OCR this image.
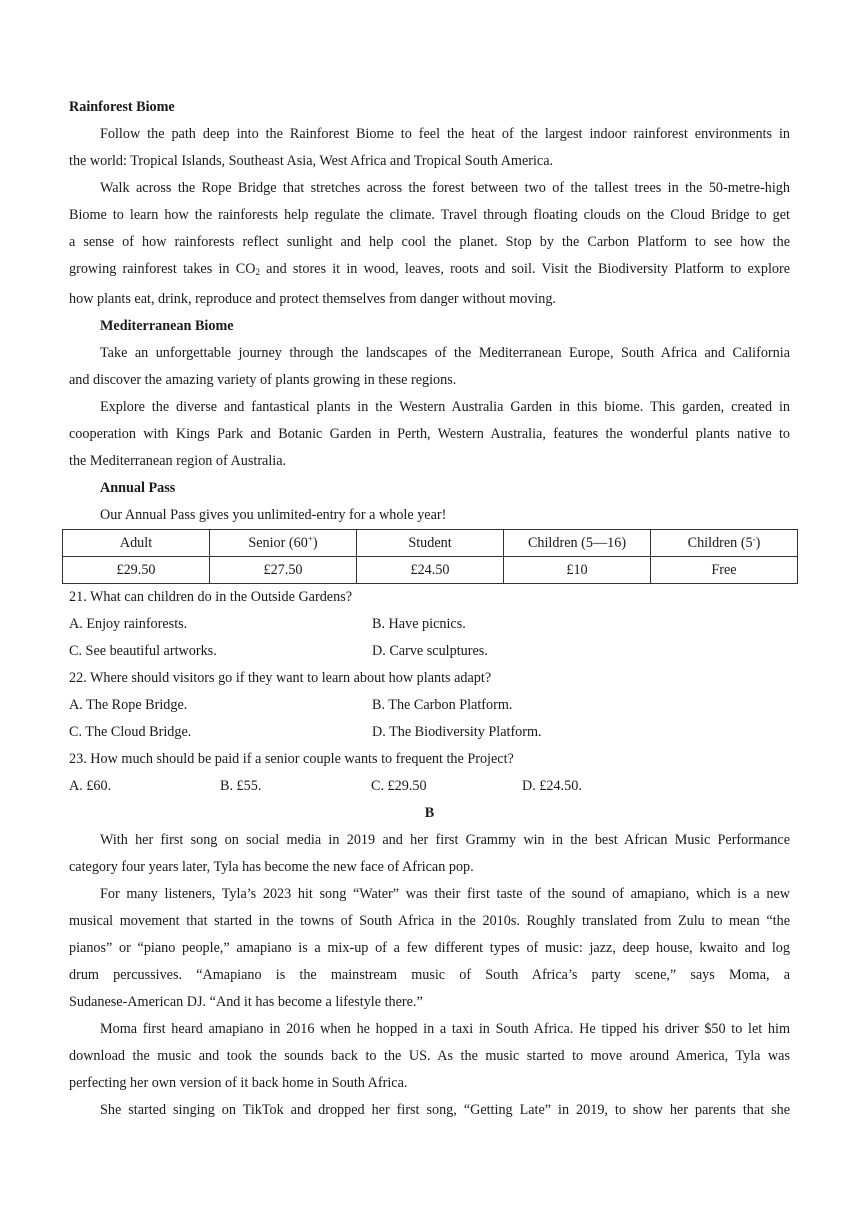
Rainforest Biome

Follow the path deep into the Rainforest Biome to feel the heat of the largest indoor rainforest environments in

the world: Tropical Islands, Southeast Asia, West Africa and Tropical South America.

Walk across the Rope Bridge that stretches across the forest between two of the tallest trees in the 50-metre-high

Biome to learn how the rainforests help regulate the climate. Travel through floating clouds on the Cloud Bridge to get

a sense of how rainforests reflect sunlight and help cool the planet. Stop by the Carbon Platform to see how the

growing rainforest takes in $CO_2$ and stores it in wood, leaves, roots and soil. Visit the Biodiversity Platform to explore

how plants eat, drink, reproduce and protect themselves from danger without moving.

Mediterranean Biome

Take an unforgettable journey through the landscapes of the Mediterranean Europe, South Africa and California

and discover the amazing variety of plants growing in these regions.

Explore the diverse and fantastical plants in the Western Australia Garden in this biome. This garden, created in

cooperation with Kings Park and Botanic Garden in Perth, Western Australia, features the wonderful plants native to

the Mediterranean region of Australia.

Annual Pass

Our Annual Pass gives you unlimited-entry for a whole year!

Adult	Senior (60+)	Student	Children (5—16)	Children (5-)
£29.50	£27.50	£24.50	£10	Free

21. What can children do in the Outside Gardens?

A. Enjoy rainforests.	B. Have picnics.
C. See beautiful artworks.	D. Carve sculptures.

22. Where should visitors go if they want to learn about how plants adapt?

A. The Rope Bridge.	B. The Carbon Platform.
C. The Cloud Bridge.	D. The Biodiversity Platform.

23. How much should be paid if a senior couple wants to frequent the Project?

A. £60.	B. £55.	C. £29.50	D. £24.50.

B

With her first song on social media in 2019 and her first Grammy win in the best African Music Performance

category four years later, Tyla has become the new face of African pop.

For many listeners, Tyla’s 2023 hit song “Water” was their first taste of the sound of amapiano, which is a new

musical movement that started in the towns of South Africa in the 2010s. Roughly translated from Zulu to mean “the

pianos” or “piano people,” amapiano is a mix-up of a few different types of music: jazz, deep house, kwaito and log

drum percussives. “Amapiano is the mainstream music of South Africa’s party scene,” says Moma, a

Sudanese-American DJ. “And it has become a lifestyle there.”

Moma first heard amapiano in 2016 when he hopped in a taxi in South Africa. He tipped his driver $50 to let him

download the music and took the sounds back to the US. As the music started to move around America, Tyla was

perfecting her own version of it back home in South Africa.

She started singing on TikTok and dropped her first song, “Getting Late” in 2019, to show her parents that she
